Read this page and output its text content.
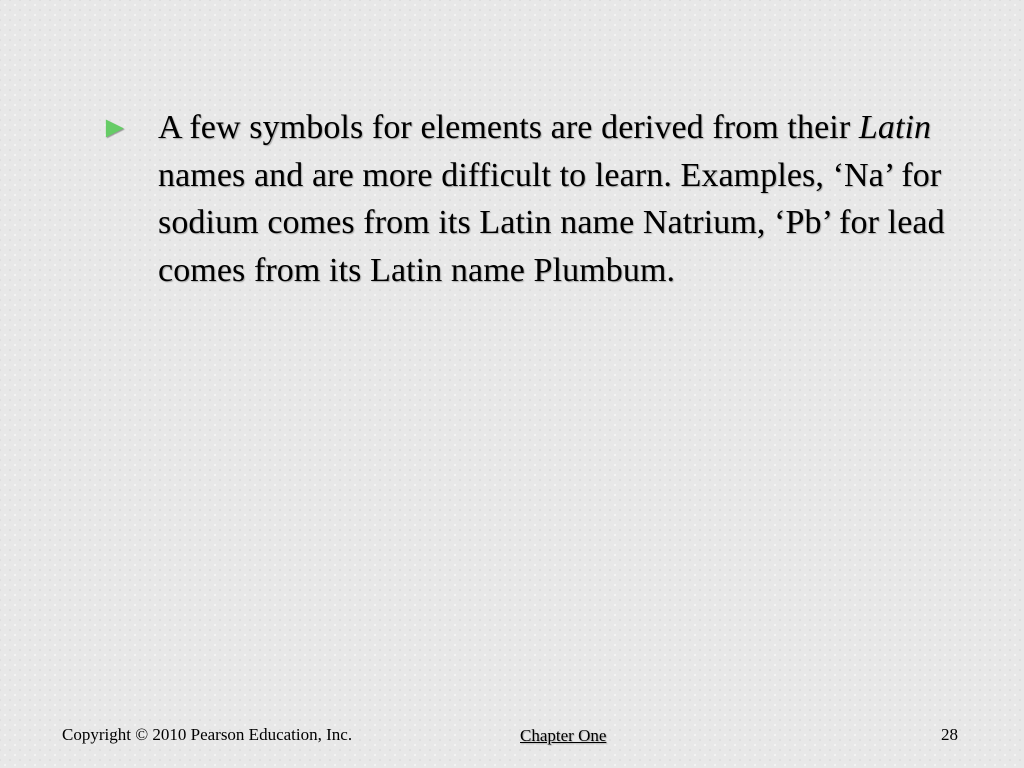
► A few symbols for elements are derived from their Latin names and are more difficult to learn. Examples, ‘Na’ for sodium comes from its Latin name Natrium, ‘Pb’ for lead comes from its Latin name Plumbum.
Copyright © 2010 Pearson Education, Inc.	Chapter One	28
